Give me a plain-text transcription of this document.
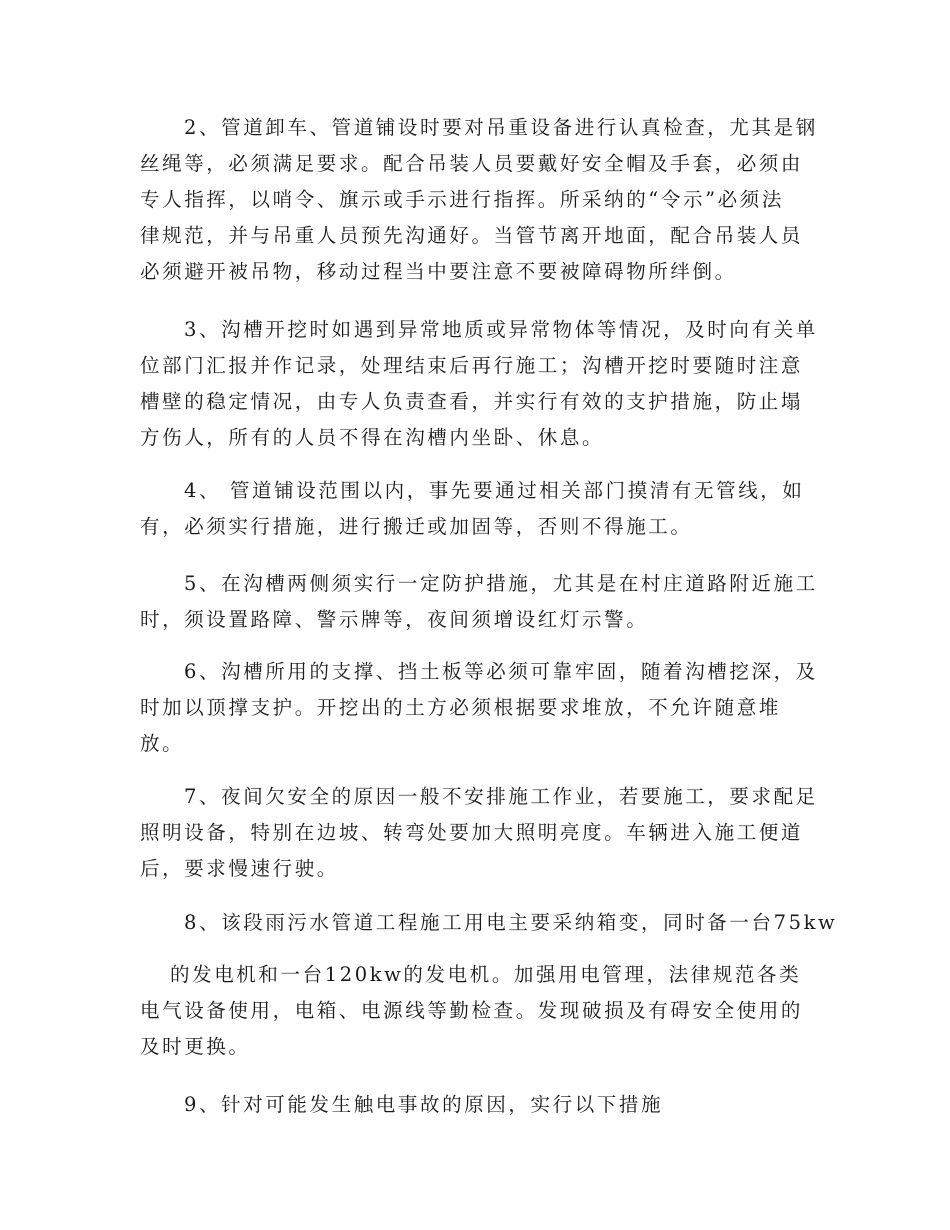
2、管道卸车、管道铺设时要对吊重设备进行认真检查，尤其是钢
丝绳等，必须满足要求。配合吊装人员要戴好安全帽及手套，必须由
专人指挥，以哨令、旗示或手示进行指挥。所采纳的“令示”必须法
律规范，并与吊重人员预先沟通好。当管节离开地面，配合吊装人员
必须避开被吊物，移动过程当中要注意不要被障碍物所绊倒。
3、沟槽开挖时如遇到异常地质或异常物体等情况，及时向有关单
位部门汇报并作记录，处理结束后再行施工；沟槽开挖时要随时注意
槽壁的稳定情况，由专人负责查看，并实行有效的支护措施，防止塌
方伤人，所有的人员不得在沟槽内坐卧、休息。
4、 管道铺设范围以内，事先要通过相关部门摸清有无管线，如
有，必须实行措施，进行搬迁或加固等，否则不得施工。
5、在沟槽两侧须实行一定防护措施，尤其是在村庄道路附近施工
时，须设置路障、警示牌等，夜间须增设红灯示警。
6、沟槽所用的支撑、挡土板等必须可靠牢固，随着沟槽挖深，及
时加以顶撑支护。开挖出的土方必须根据要求堆放，不允许随意堆
放。
7、夜间欠安全的原因一般不安排施工作业，若要施工，要求配足
照明设备，特别在边坡、转弯处要加大照明亮度。车辆进入施工便道
后，要求慢速行驶。
8、该段雨污水管道工程施工用电主要采纳箱变，同时备一台75kw
的发电机和一台120kw的发电机。加强用电管理，法律规范各类
电气设备使用，电箱、电源线等勤检查。发现破损及有碍安全使用的
及时更换。
9、针对可能发生触电事故的原因，实行以下措施
